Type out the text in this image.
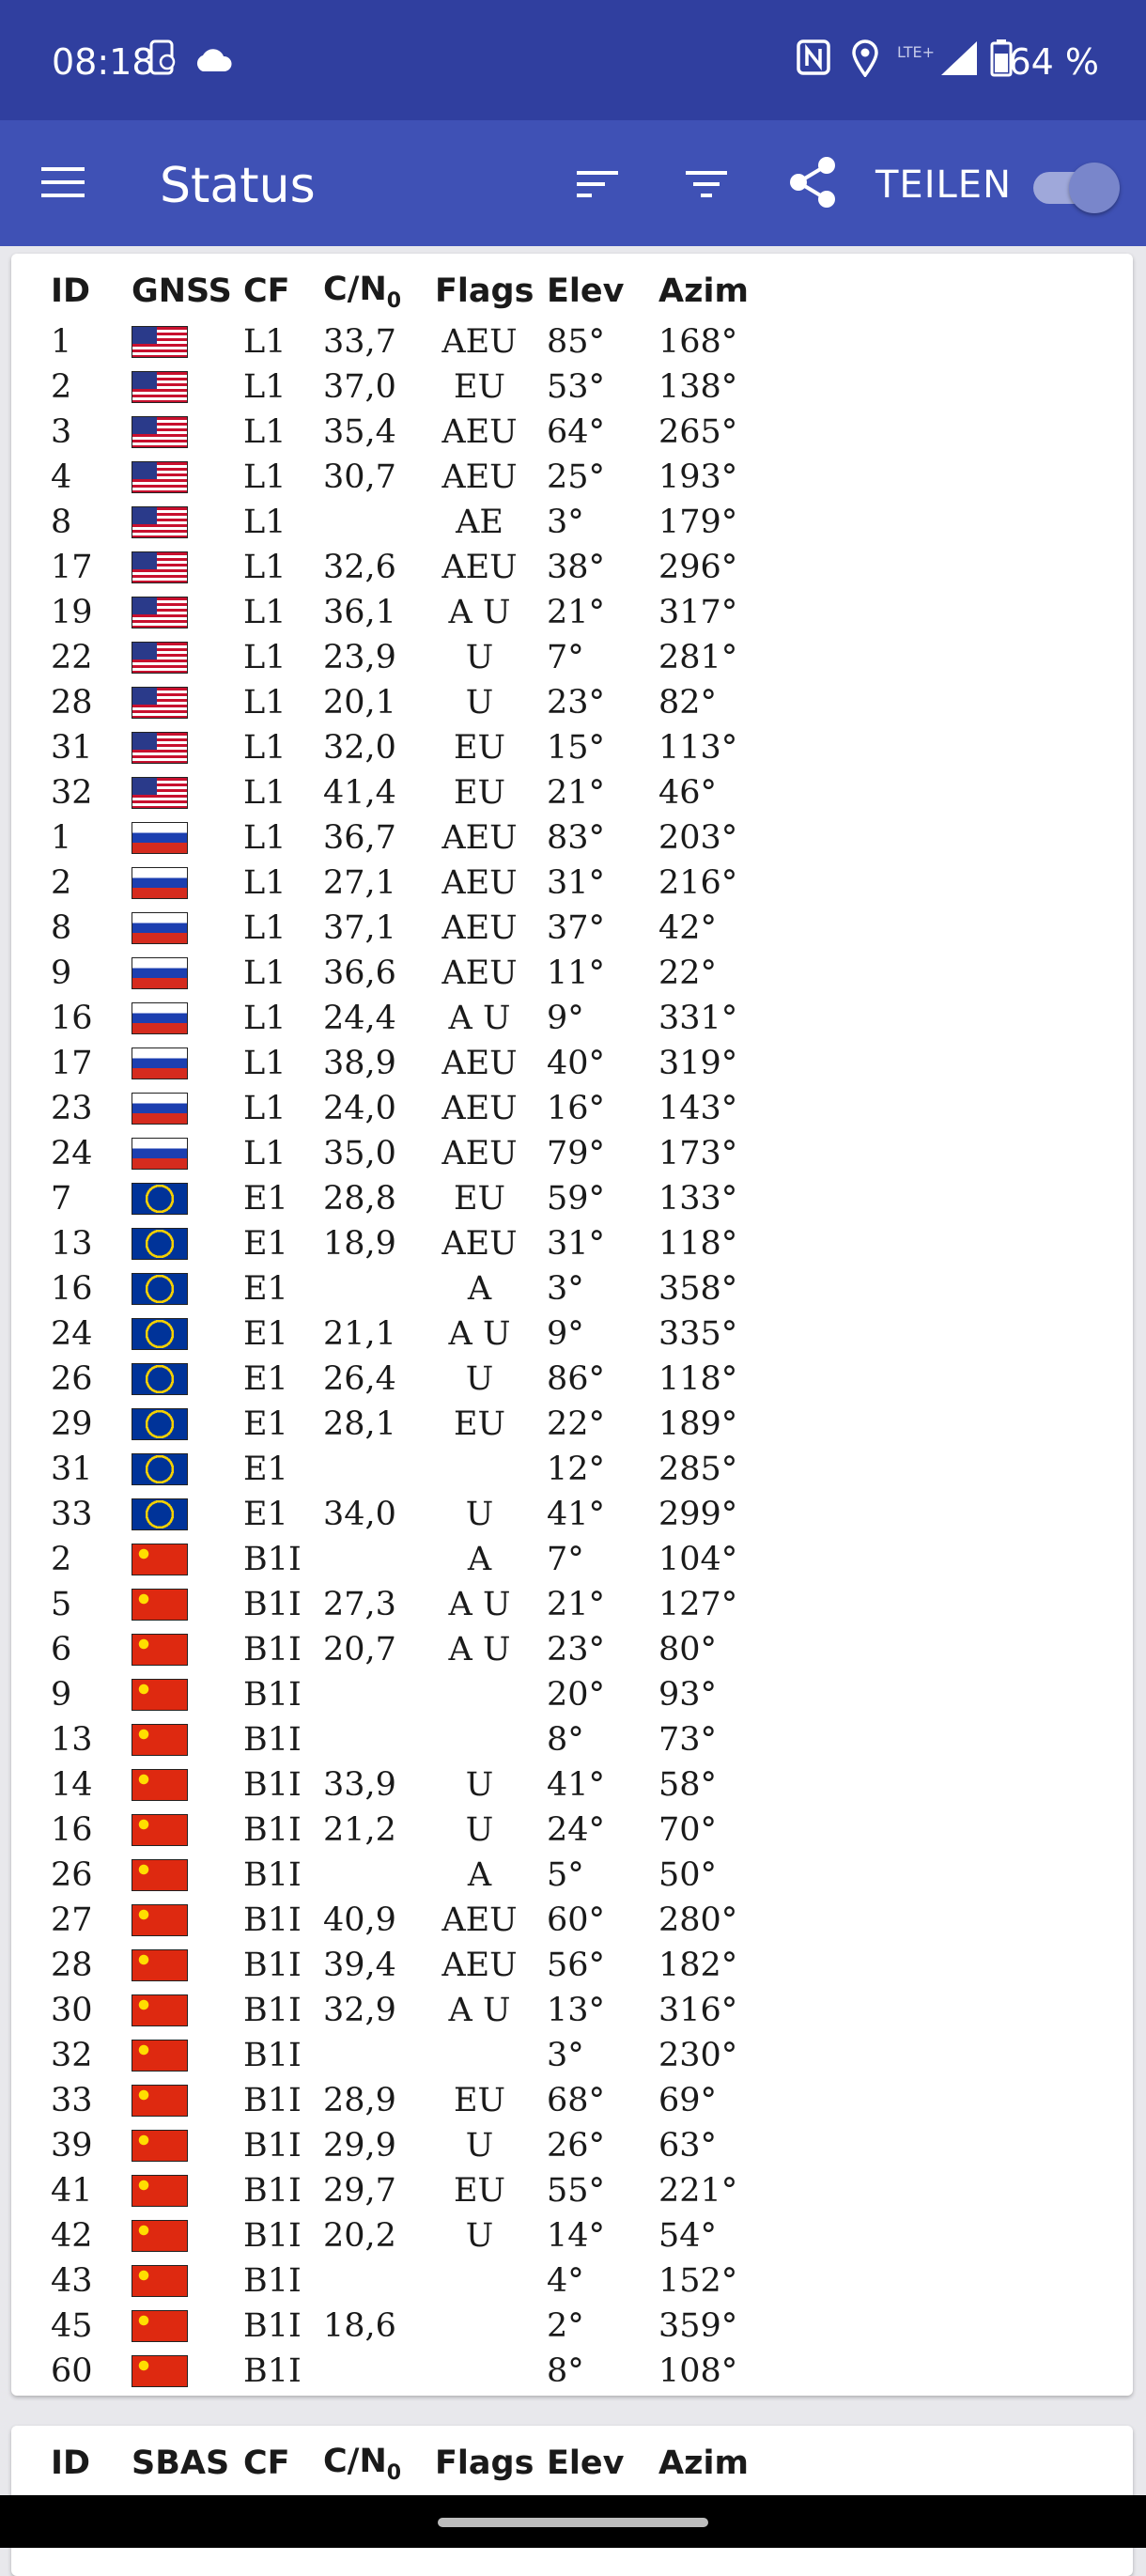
08:18	LTE+ 64 %
Status	TEILEN
ID	GNSS	CF	$C/N_0$	Flags	Elev	Azim
1		L1	33,7	AEU	85°	168°
2		L1	37,0	EU	53°	138°
3		L1	35,4	AEU	64°	265°
4		L1	30,7	AEU	25°	193°
8		L1		AE	3°	179°
17		L1	32,6	AEU	38°	296°
19		L1	36,1	A U	21°	317°
22		L1	23,9	U	7°	281°
28		L1	20,1	U	23°	82°
31		L1	32,0	EU	15°	113°
32		L1	41,4	EU	21°	46°
1		L1	36,7	AEU	83°	203°
2		L1	27,1	AEU	31°	216°
8		L1	37,1	AEU	37°	42°
9		L1	36,6	AEU	11°	22°
16		L1	24,4	A U	9°	331°
17		L1	38,9	AEU	40°	319°
23		L1	24,0	AEU	16°	143°
24		L1	35,0	AEU	79°	173°
7		E1	28,8	EU	59°	133°
13		E1	18,9	AEU	31°	118°
16		E1		A	3°	358°
24		E1	21,1	A U	9°	335°
26		E1	26,4	U	86°	118°
29		E1	28,1	EU	22°	189°
31		E1			12°	285°
33		E1	34,0	U	41°	299°
2		B1I		A	7°	104°
5		B1I	27,3	A U	21°	127°
6		B1I	20,7	A U	23°	80°
9		B1I			20°	93°
13		B1I			8°	73°
14		B1I	33,9	U	41°	58°
16		B1I	21,2	U	24°	70°
26		B1I		A	5°	50°
27		B1I	40,9	AEU	60°	280°
28		B1I	39,4	AEU	56°	182°
30		B1I	32,9	A U	13°	316°
32		B1I			3°	230°
33		B1I	28,9	EU	68°	69°
39		B1I	29,9	U	26°	63°
41		B1I	29,7	EU	55°	221°
42		B1I	20,2	U	14°	54°
43		B1I			4°	152°
45		B1I	18,6		2°	359°
60		B1I			8°	108°
ID	SBAS	CF	$C/N_0$	Flags	Elev	Azim
